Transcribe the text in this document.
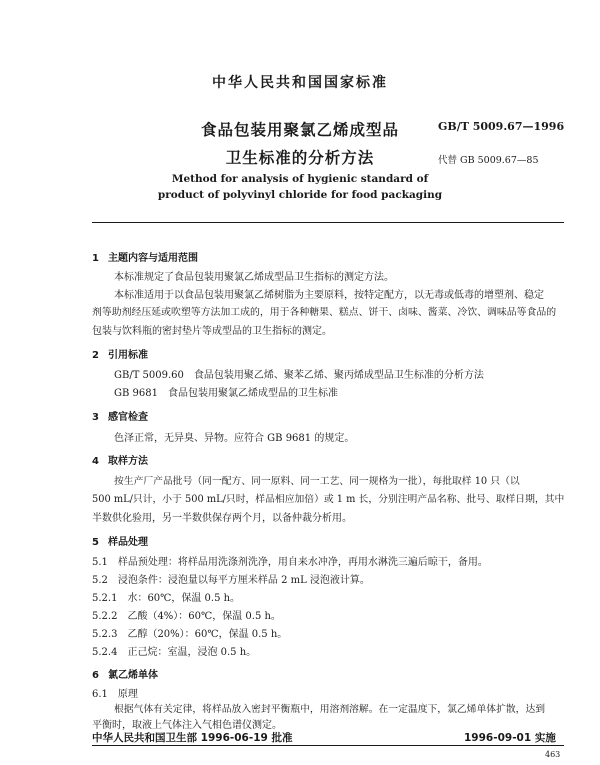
中华人民共和国国家标准
食品包装用聚氯乙烯成型品
卫生标准的分析方法
GB/T 5009.67—1996
代替 GB 5009.67—85
Method for analysis of hygienic standard of
product of polyvinyl chloride for food packaging
1 主题内容与适用范围
本标准规定了食品包装用聚氯乙烯成型品卫生指标的测定方法。
本标准适用于以食品包装用聚氯乙烯树脂为主要原料，按特定配方，以无毒或低毒的增塑剂、稳定
剂等助剂经压延或吹塑等方法加工成的，用于各种糖果、糕点、饼干、卤味、酱菜、冷饮、调味品等食品的
包装与饮料瓶的密封垫片等成型品的卫生指标的测定。
2 引用标准
GB/T 5009.60　食品包装用聚乙烯、聚苯乙烯、聚丙烯成型品卫生标准的分析方法
GB 9681　食品包装用聚氯乙烯成型品的卫生标准
3 感官检查
色泽正常，无异臭、异物。应符合 GB 9681 的规定。
4 取样方法
按生产厂产品批号（同一配方、同一原料、同一工艺、同一规格为一批），每批取样 10 只（以
500 mL/只计，小于 500 mL/只时，样品相应加倍）或 1 m 长，分别注明产品名称、批号、取样日期，其中
半数供化验用，另一半数供保存两个月，以备仲裁分析用。
5 样品处理
5.1　样品预处理：将样品用洗涤剂洗净，用自来水冲净，再用水淋洗三遍后晾干，备用。
5.2　浸泡条件：浸泡量以每平方厘米样品 2 mL 浸泡液计算。
5.2.1　水：60℃，保温 0.5 h。
5.2.2　乙酸（4%）：60℃，保温 0.5 h。
5.2.3　乙醇（20%）：60℃，保温 0.5 h。
5.2.4　正己烷：室温，浸泡 0.5 h。
6 氯乙烯单体
6.1　原理
根据气体有关定律，将样品放入密封平衡瓶中，用溶剂溶解。在一定温度下，氯乙烯单体扩散，达到
平衡时，取液上气体注入气相色谱仪测定。
中华人民共和国卫生部 1996-06-19 批准	1996-09-01 实施
463
